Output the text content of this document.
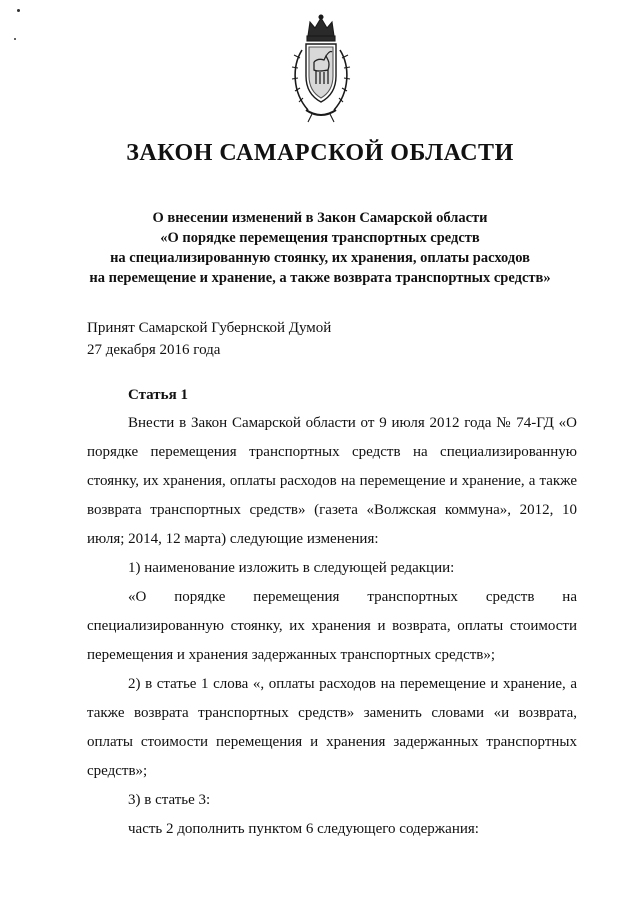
ЗАКОН САМАРСКОЙ ОБЛАСТИ
О внесении изменений в Закон Самарской области
«О порядке перемещения транспортных средств
на специализированную стоянку, их хранения, оплаты расходов
на перемещение и хранение, а также возврата транспортных средств»
Принят Самарской Губернской Думой
27 декабря 2016 года
Статья 1
Внести в Закон Самарской области от 9 июля 2012 года № 74-ГД «О порядке перемещения транспортных средств на специализированную стоянку, их хранения, оплаты расходов на перемещение и хранение, а также возврата транспортных средств» (газета «Волжская коммуна», 2012, 10 июля; 2014, 12 марта) следующие изменения:
1) наименование изложить в следующей редакции:
«О порядке перемещения транспортных средств на специализированную стоянку, их хранения и возврата, оплаты стоимости перемещения и хранения задержанных транспортных средств»;
2) в статье 1 слова «, оплаты расходов на перемещение и хранение, а также возврата транспортных средств» заменить словами «и возврата, оплаты стоимости перемещения и хранения задержанных транспортных средств»;
3) в статье 3:
часть 2 дополнить пунктом 6 следующего содержания:
